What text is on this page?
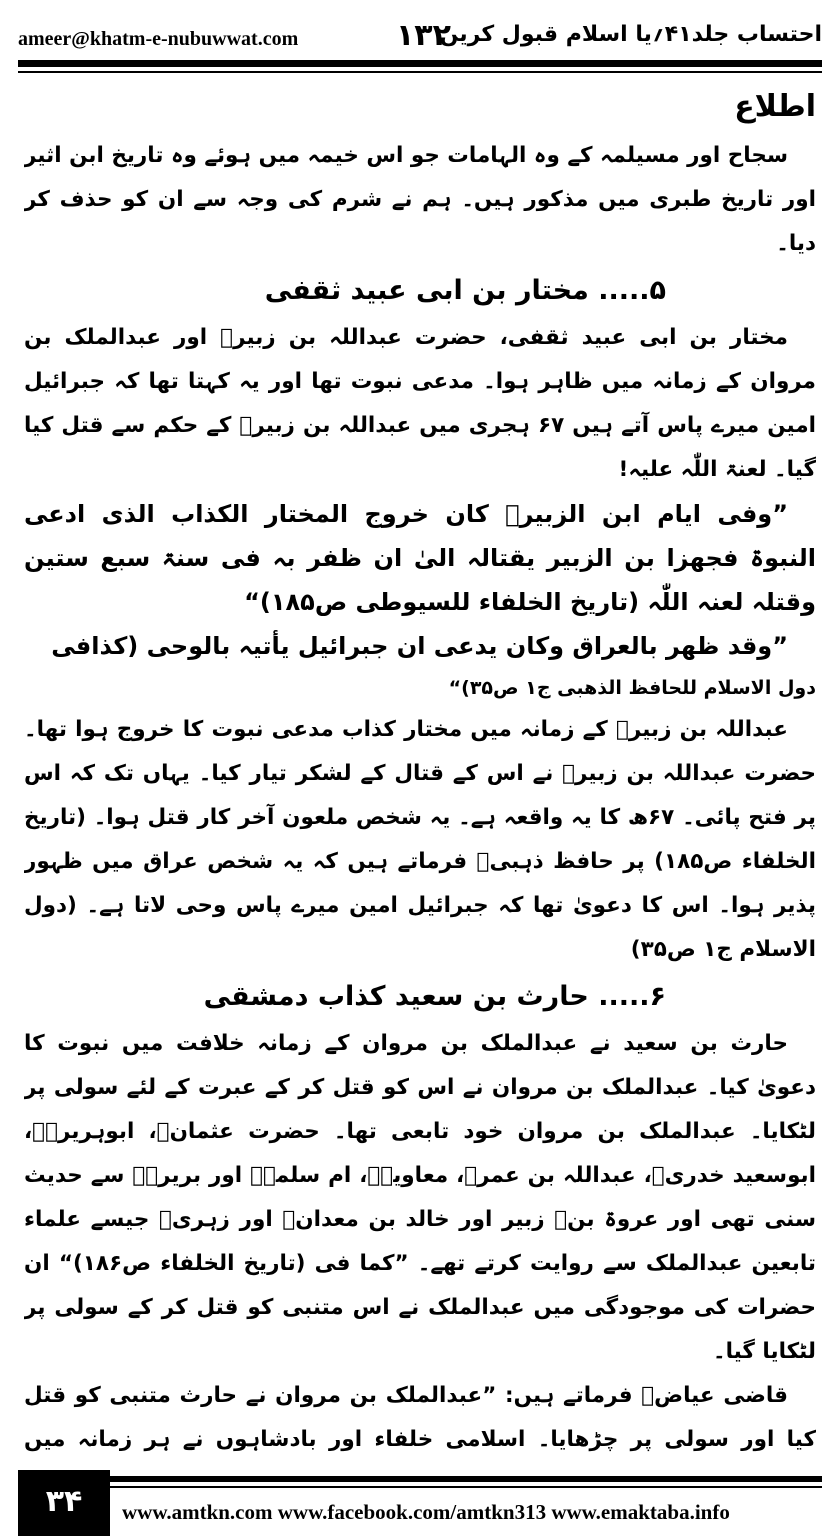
ameer@khatm-e-nubuwwat.com	۱۳۲
احتساب جلد۴۱؍یا اسلام قبول کریں

اطلاع

سجاح اور مسیلمہ کے وہ الہامات جو اس خیمہ میں ہوئے وہ تاریخ ابن اثیر اور تاریخ طبری میں مذکور ہیں۔ ہم نے شرم کی وجہ سے ان کو حذف کر دیا۔

۵..... مختار بن ابی عبید ثقفی

مختار بن ابی عبید ثقفی، حضرت عبداللہ بن زبیرؓ اور عبدالملک بن مروان کے زمانہ میں ظاہر ہوا۔ مدعی نبوت تھا اور یہ کہتا تھا کہ جبرائیل امین میرے پاس آتے ہیں ۶۷ ہجری میں عبداللہ بن زبیرؓ کے حکم سے قتل کیا گیا۔ لعنۃ اللّٰہ علیہ!

”وفی ایام ابن الزبیرؓ کان خروج المختار الکذاب الذی ادعی النبوۃ فجھزا بن الزبیر یقتالہ الیٰ ان ظفر بہ فی سنۃ سبع ستین وقتلہ لعنہ اللّٰہ (تاریخ الخلفاء للسیوطی ص۱۸۵)“

”وقد ظھر بالعراق وکان یدعی ان جبرائیل یأتیہ بالوحی (کذافی

دول الاسلام للحافظ الذھبی ج۱ ص۳۵)“

عبداللہ بن زبیرؓ کے زمانہ میں مختار کذاب مدعی نبوت کا خروج ہوا تھا۔ حضرت عبداللہ بن زبیرؓ نے اس کے قتال کے لشکر تیار کیا۔ یہاں تک کہ اس پر فتح پائی۔ ۶۷ھ کا یہ واقعہ ہے۔ یہ شخص ملعون آخر کار قتل ہوا۔ (تاریخ الخلفاء ص۱۸۵) پر حافظ ذہبیؒ فرماتے ہیں کہ یہ شخص عراق میں ظہور پذیر ہوا۔ اس کا دعویٰ تھا کہ جبرائیل امین میرے پاس وحی لاتا ہے۔ (دول الاسلام ج۱ ص۳۵)

۶..... حارث بن سعید کذاب دمشقی

حارث بن سعید نے عبدالملک بن مروان کے زمانہ خلافت میں نبوت کا دعویٰ کیا۔ عبدالملک بن مروان نے اس کو قتل کر کے عبرت کے لئے سولی پر لٹکایا۔ عبدالملک بن مروان خود تابعی تھا۔ حضرت عثمانؓ، ابوہریرہؓ، ابوسعید خدریؓ، عبداللہ بن عمرؓ، معاویہؓ، ام سلمہؓ اور بریرہؓ سے حدیث سنی تھی اور عروۃ بنؓ زبیر اور خالد بن معدانؒ اور زہریؒ جیسے علماء تابعین عبدالملک سے روایت کرتے تھے۔ ”کما فی (تاریخ الخلفاء ص۱۸۶)“ ان حضرات کی موجودگی میں عبدالملک نے اس متنبی کو قتل کر کے سولی پر لٹکایا گیا۔

قاضی عیاضؒ فرماتے ہیں: ”عبدالملک بن مروان نے حارث متنبی کو قتل کیا اور سولی پر چڑھایا۔ اسلامی خلفاء اور بادشاہوں نے ہر زمانہ میں

۳۴	www.amtkn.com www.facebook.com/amtkn313 www.emaktaba.info
